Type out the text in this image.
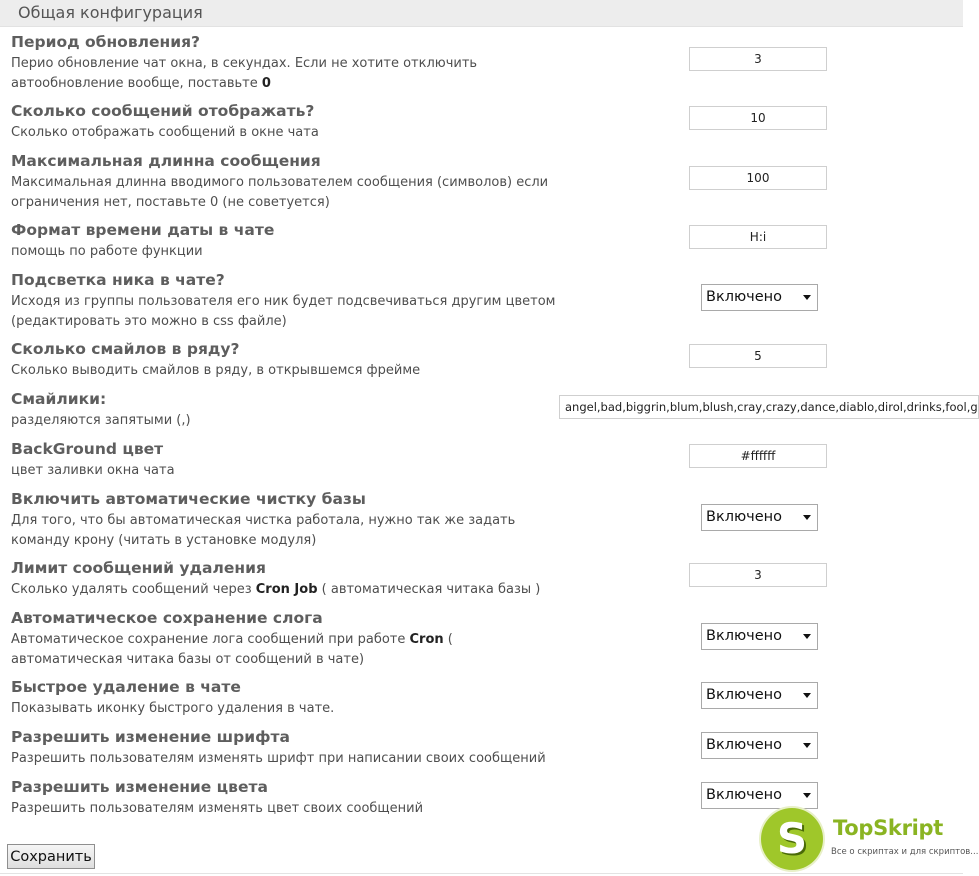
Общая конфигурация
Период обновления?
Перио обновление чат окна, в секундах. Если не хотите отключить автообновление вообще, поставьте 0
3
Сколько сообщений отображать?
Сколько отображать сообщений в окне чата
10
Максимальная длинна сообщения
Максимальная длинна вводимого пользователем сообщения (символов) если ограничения нет, поставьте 0 (не советуется)
100
Формат времени даты в чате
помощь по работе функции
H:i
Подсветка ника в чате?
Исходя из группы пользователя его ник будет подсвечиваться другим цветом (редактировать это можно в css файле)
Включено
Сколько смайлов в ряду?
Сколько выводить смайлов в ряду, в открывшемся фрейме
5
Смайлики:
разделяются запятыми (,)
angel,bad,biggrin,blum,blush,cray,crazy,dance,diablo,dirol,drinks,fool,g
BackGround цвет
цвет заливки окна чата
#ffffff
Включить автоматические чистку базы
Для того, что бы автоматическая чистка работала, нужно так же задать команду крону (читать в установке модуля)
Включено
Лимит сообщений удаления
Сколько удалять сообщений через Cron Job ( автоматическая читака базы )
3
Автоматическое сохранение слога
Автоматическое сохранение лога сообщений при работе Cron ( автоматическая читака базы от сообщений в чате)
Включено
Быстрое удаление в чате
Показывать иконку быстрого удаления в чате.
Включено
Разрешить изменение шрифта
Разрешить пользователям изменять шрифт при написании своих сообщений
Включено
Разрешить изменение цвета
Разрешить пользователям изменять цвет своих сообщений
Включено
Сохранить	S	TopSkript
Все о скриптах и для скриптов...
